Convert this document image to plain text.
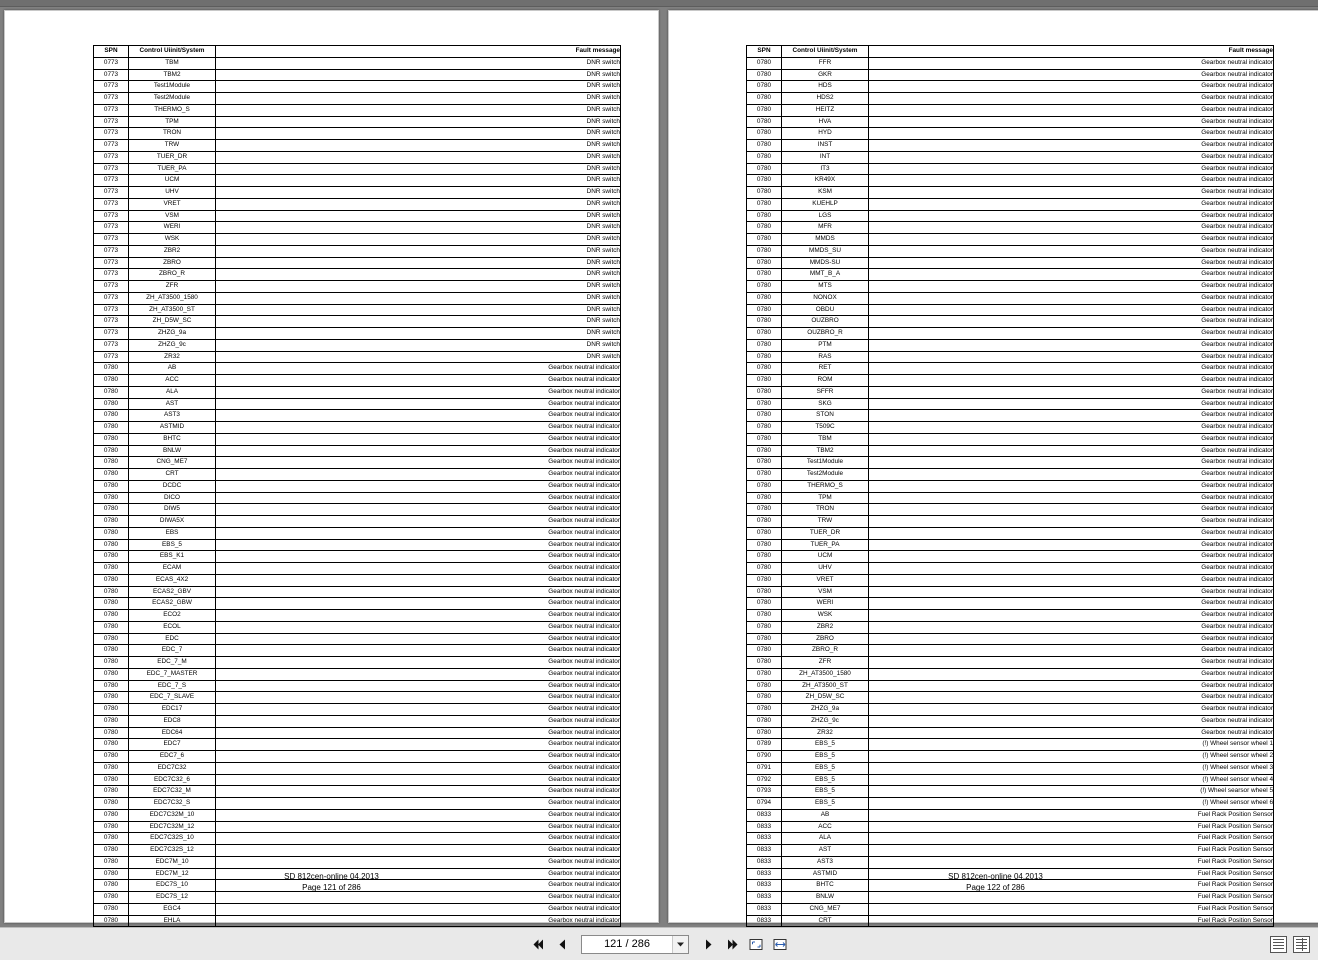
SPN	Control Uiinit/System	Fault message
0773	TBM	DNR switch
0773	TBM2	DNR switch
0773	Test1Module	DNR switch
0773	Test2Module	DNR switch
0773	THERMO_S	DNR switch
0773	TPM	DNR switch
0773	TRON	DNR switch
0773	TRW	DNR switch
0773	TUER_DR	DNR switch
0773	TUER_PA	DNR switch
0773	UCM	DNR switch
0773	UHV	DNR switch
0773	VRET	DNR switch
0773	VSM	DNR switch
0773	WERI	DNR switch
0773	WSK	DNR switch
0773	ZBR2	DNR switch
0773	ZBRO	DNR switch
0773	ZBRO_R	DNR switch
0773	ZFR	DNR switch
0773	ZH_AT3500_1580	DNR switch
0773	ZH_AT3500_ST	DNR switch
0773	ZH_D5W_SC	DNR switch
0773	ZHZG_9a	DNR switch
0773	ZHZG_9c	DNR switch
0773	ZR32	DNR switch
0780	AB	Gearbox neutral indicator
0780	ACC	Gearbox neutral indicator
0780	ALA	Gearbox neutral indicator
0780	AST	Gearbox neutral indicator
0780	AST3	Gearbox neutral indicator
0780	ASTMID	Gearbox neutral indicator
0780	BHTC	Gearbox neutral indicator
0780	BNLW	Gearbox neutral indicator
0780	CNG_ME7	Gearbox neutral indicator
0780	CRT	Gearbox neutral indicator
0780	DCDC	Gearbox neutral indicator
0780	DICO	Gearbox neutral indicator
0780	DIW5	Gearbox neutral indicator
0780	DIWA5X	Gearbox neutral indicator
0780	EBS	Gearbox neutral indicator
0780	EBS_5	Gearbox neutral indicator
0780	EBS_K1	Gearbox neutral indicator
0780	ECAM	Gearbox neutral indicator
0780	ECAS_4X2	Gearbox neutral indicator
0780	ECAS2_GBV	Gearbox neutral indicator
0780	ECAS2_GBW	Gearbox neutral indicator
0780	ECO2	Gearbox neutral indicator
0780	ECOL	Gearbox neutral indicator
0780	EDC	Gearbox neutral indicator
0780	EDC_7	Gearbox neutral indicator
0780	EDC_7_M	Gearbox neutral indicator
0780	EDC_7_MASTER	Gearbox neutral indicator
0780	EDC_7_S	Gearbox neutral indicator
0780	EDC_7_SLAVE	Gearbox neutral indicator
0780	EDC17	Gearbox neutral indicator
0780	EDC8	Gearbox neutral indicator
0780	EDC64	Gearbox neutral indicator
0780	EDC7	Gearbox neutral indicator
0780	EDC7_6	Gearbox neutral indicator
0780	EDC7C32	Gearbox neutral indicator
0780	EDC7C32_6	Gearbox neutral indicator
0780	EDC7C32_M	Gearbox neutral indicator
0780	EDC7C32_S	Gearbox neutral indicator
0780	EDC7C32M_10	Gearbox neutral indicator
0780	EDC7C32M_12	Gearbox neutral indicator
0780	EDC7C32S_10	Gearbox neutral indicator
0780	EDC7C32S_12	Gearbox neutral indicator
0780	EDC7M_10	Gearbox neutral indicator
0780	EDC7M_12	Gearbox neutral indicator
0780	EDC7S_10	Gearbox neutral indicator
0780	EDC7S_12	Gearbox neutral indicator
0780	EGC4	Gearbox neutral indicator
0780	EHLA	Gearbox neutral indicator

SD 812cen-online 04.2013
Page 121 of 286
SPN	Control Uiinit/System	Fault message
0780	FFR	Gearbox neutral indicator
0780	GKR	Gearbox neutral indicator
0780	HDS	Gearbox neutral indicator
0780	HDS2	Gearbox neutral indicator
0780	HEITZ	Gearbox neutral indicator
0780	HVA	Gearbox neutral indicator
0780	HYD	Gearbox neutral indicator
0780	INST	Gearbox neutral indicator
0780	INT	Gearbox neutral indicator
0780	IT3	Gearbox neutral indicator
0780	KR49X	Gearbox neutral indicator
0780	KSM	Gearbox neutral indicator
0780	KUEHLP	Gearbox neutral indicator
0780	LGS	Gearbox neutral indicator
0780	MFR	Gearbox neutral indicator
0780	MMDS	Gearbox neutral indicator
0780	MMDS_SU	Gearbox neutral indicator
0780	MMDS-SU	Gearbox neutral indicator
0780	MMT_B_A	Gearbox neutral indicator
0780	MTS	Gearbox neutral indicator
0780	NONOX	Gearbox neutral indicator
0780	OBDU	Gearbox neutral indicator
0780	OUZBRO	Gearbox neutral indicator
0780	OUZBRO_R	Gearbox neutral indicator
0780	PTM	Gearbox neutral indicator
0780	RAS	Gearbox neutral indicator
0780	RET	Gearbox neutral indicator
0780	ROM	Gearbox neutral indicator
0780	SFFR	Gearbox neutral indicator
0780	SKG	Gearbox neutral indicator
0780	STON	Gearbox neutral indicator
0780	T509C	Gearbox neutral indicator
0780	TBM	Gearbox neutral indicator
0780	TBM2	Gearbox neutral indicator
0780	Test1Module	Gearbox neutral indicator
0780	Test2Module	Gearbox neutral indicator
0780	THERMO_S	Gearbox neutral indicator
0780	TPM	Gearbox neutral indicator
0780	TRON	Gearbox neutral indicator
0780	TRW	Gearbox neutral indicator
0780	TUER_DR	Gearbox neutral indicator
0780	TUER_PA	Gearbox neutral indicator
0780	UCM	Gearbox neutral indicator
0780	UHV	Gearbox neutral indicator
0780	VRET	Gearbox neutral indicator
0780	VSM	Gearbox neutral indicator
0780	WERI	Gearbox neutral indicator
0780	WSK	Gearbox neutral indicator
0780	ZBR2	Gearbox neutral indicator
0780	ZBRO	Gearbox neutral indicator
0780	ZBRO_R	Gearbox neutral indicator
0780	ZFR	Gearbox neutral indicator
0780	ZH_AT3500_1580	Gearbox neutral indicator
0780	ZH_AT3500_ST	Gearbox neutral indicator
0780	ZH_D5W_SC	Gearbox neutral indicator
0780	ZHZG_9a	Gearbox neutral indicator
0780	ZHZG_9c	Gearbox neutral indicator
0780	ZR32	Gearbox neutral indicator
0789	EBS_5	(!) Wheel sensor wheel 1
0790	EBS_5	(!) Wheel sensor wheel 2
0791	EBS_5	(!) Wheel sensor wheel 3
0792	EBS_5	(!) Wheel sensor wheel 4
0793	EBS_5	(!) Wheel searsor wheel 5
0794	EBS_5	(!) Wheel sensor wheel 6
0833	AB	Fuel Rack Position Sensor
0833	ACC	Fuel Rack Position Sensor
0833	ALA	Fuel Rack Position Sensor
0833	AST	Fuel Rack Position Sensor
0833	AST3	Fuel Rack Position Sensor
0833	ASTMID	Fuel Rack Position Sensor
0833	BHTC	Fuel Rack Position Sensor
0833	BNLW	Fuel Rack Position Sensor
0833	CNG_ME7	Fuel Rack Position Sensor
0833	CRT	Fuel Rack Position Sensor

SD 812cen-online 04.2013
Page 122 of 286
121 / 286
